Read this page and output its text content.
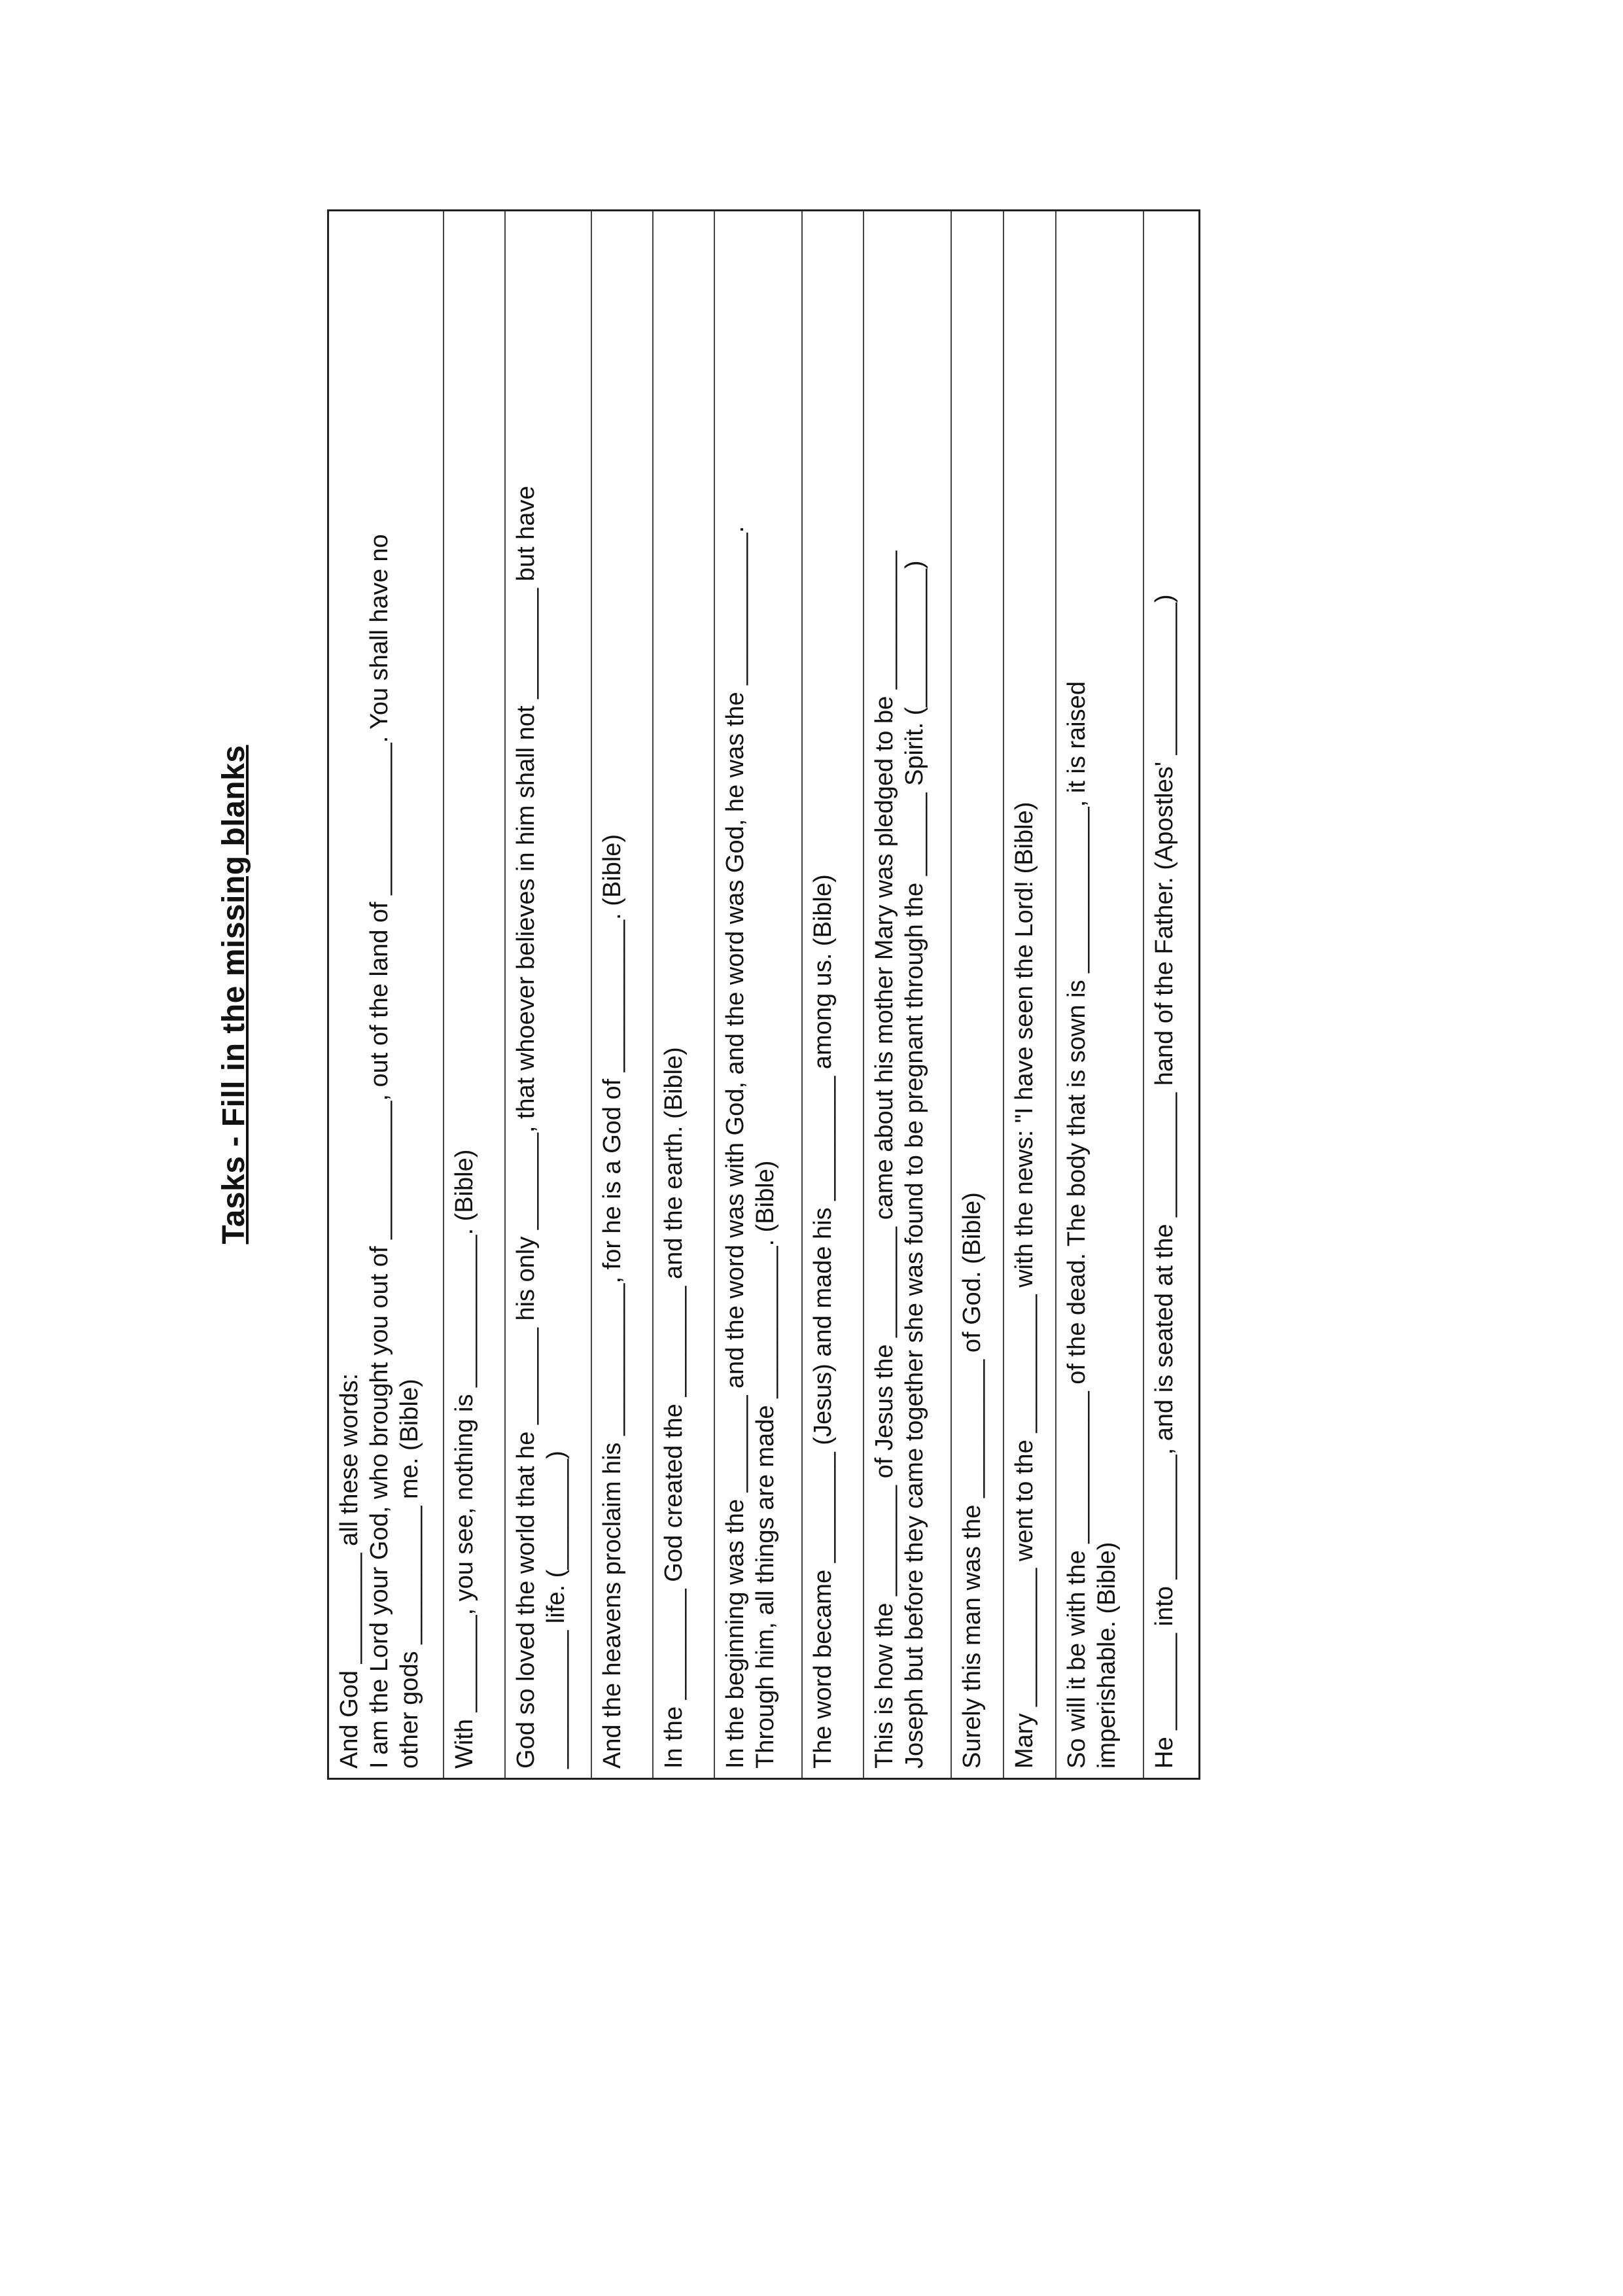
Tasks - Fill in the missing blanks
And God ________ all these words:
I am the Lord your God, who brought you out of __________, out of the land of ___________. You shall have no
other gods __________ me. (Bible)
With _______, you see, nothing is ___________. (Bible)
God so loved the world that he _______ his only _______, that whoever believes in him shall not ________ but have
__________ life. (________)
And the heavens proclaim his ___________, for he is a God of ___________. (Bible)
In the ________ God created the ________ and the earth. (Bible)
In the beginning was the _______ and the word was with God, and the word was God, he was the ___________.
Through him, all things are made ___________. (Bible)
The word became ________ (Jesus) and made his _________ among us. (Bible)
This is how the ________ of Jesus the ________ came about his mother Mary was pledged to be __________
Joseph but before they came together she was found to be pregnant through the ______ Spirit. (__________)
Surely this man was the __________ of God. (Bible)
Mary __________ went to the __________ with the news: "I have seen the Lord! (Bible)
So will it be with the ___________ of the dead. The body that is sown is ____________, it is raised
imperishable. (Bible)
He _______ into _________, and is seated at the _________ hand of the Father. (Apostles' ___________)
